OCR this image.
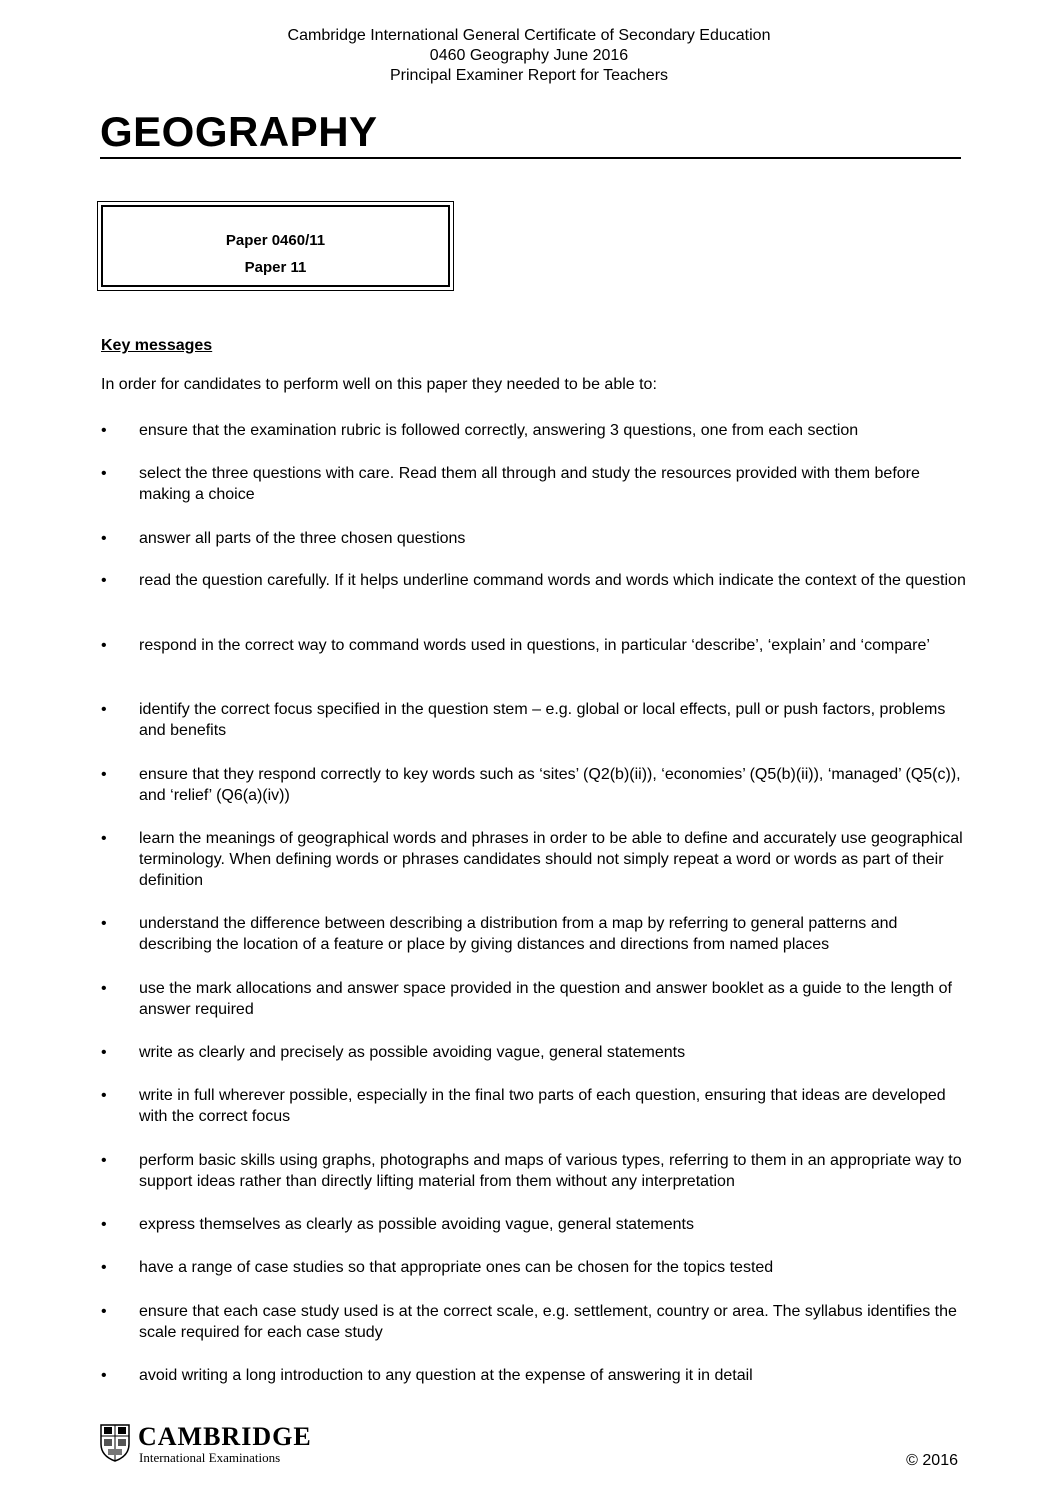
Cambridge International General Certificate of Secondary Education
0460 Geography June 2016
Principal Examiner Report for Teachers
GEOGRAPHY
Paper 0460/11
Paper 11
Key messages
In order for candidates to perform well on this paper they needed to be able to:
• ensure that the examination rubric is followed correctly, answering 3 questions, one from each section
• select the three questions with care. Read them all through and study the resources provided with them before making a choice
• answer all parts of the three chosen questions
• read the question carefully. If it helps underline command words and words which indicate the context of the question
• respond in the correct way to command words used in questions, in particular ‘describe’, ‘explain’ and ‘compare’
• identify the correct focus specified in the question stem – e.g. global or local effects, pull or push factors, problems and benefits
• ensure that they respond correctly to key words such as ‘sites’ (Q2(b)(ii)), ‘economies’ (Q5(b)(ii)), ‘managed’ (Q5(c)), and ‘relief’ (Q6(a)(iv))
• learn the meanings of geographical words and phrases in order to be able to define and accurately use geographical terminology. When defining words or phrases candidates should not simply repeat a word or words as part of their definition
• understand the difference between describing a distribution from a map by referring to general patterns and describing the location of a feature or place by giving distances and directions from named places
• use the mark allocations and answer space provided in the question and answer booklet as a guide to the length of answer required
• write as clearly and precisely as possible avoiding vague, general statements
• write in full wherever possible, especially in the final two parts of each question, ensuring that ideas are developed with the correct focus
• perform basic skills using graphs, photographs and maps of various types, referring to them in an appropriate way to support ideas rather than directly lifting material from them without any interpretation
• express themselves as clearly as possible avoiding vague, general statements
• have a range of case studies so that appropriate ones can be chosen for the topics tested
• ensure that each case study used is at the correct scale, e.g. settlement, country or area. The syllabus identifies the scale required for each case study
• avoid writing a long introduction to any question at the expense of answering it in detail
CAMBRIDGE
International Examinations	© 2016
